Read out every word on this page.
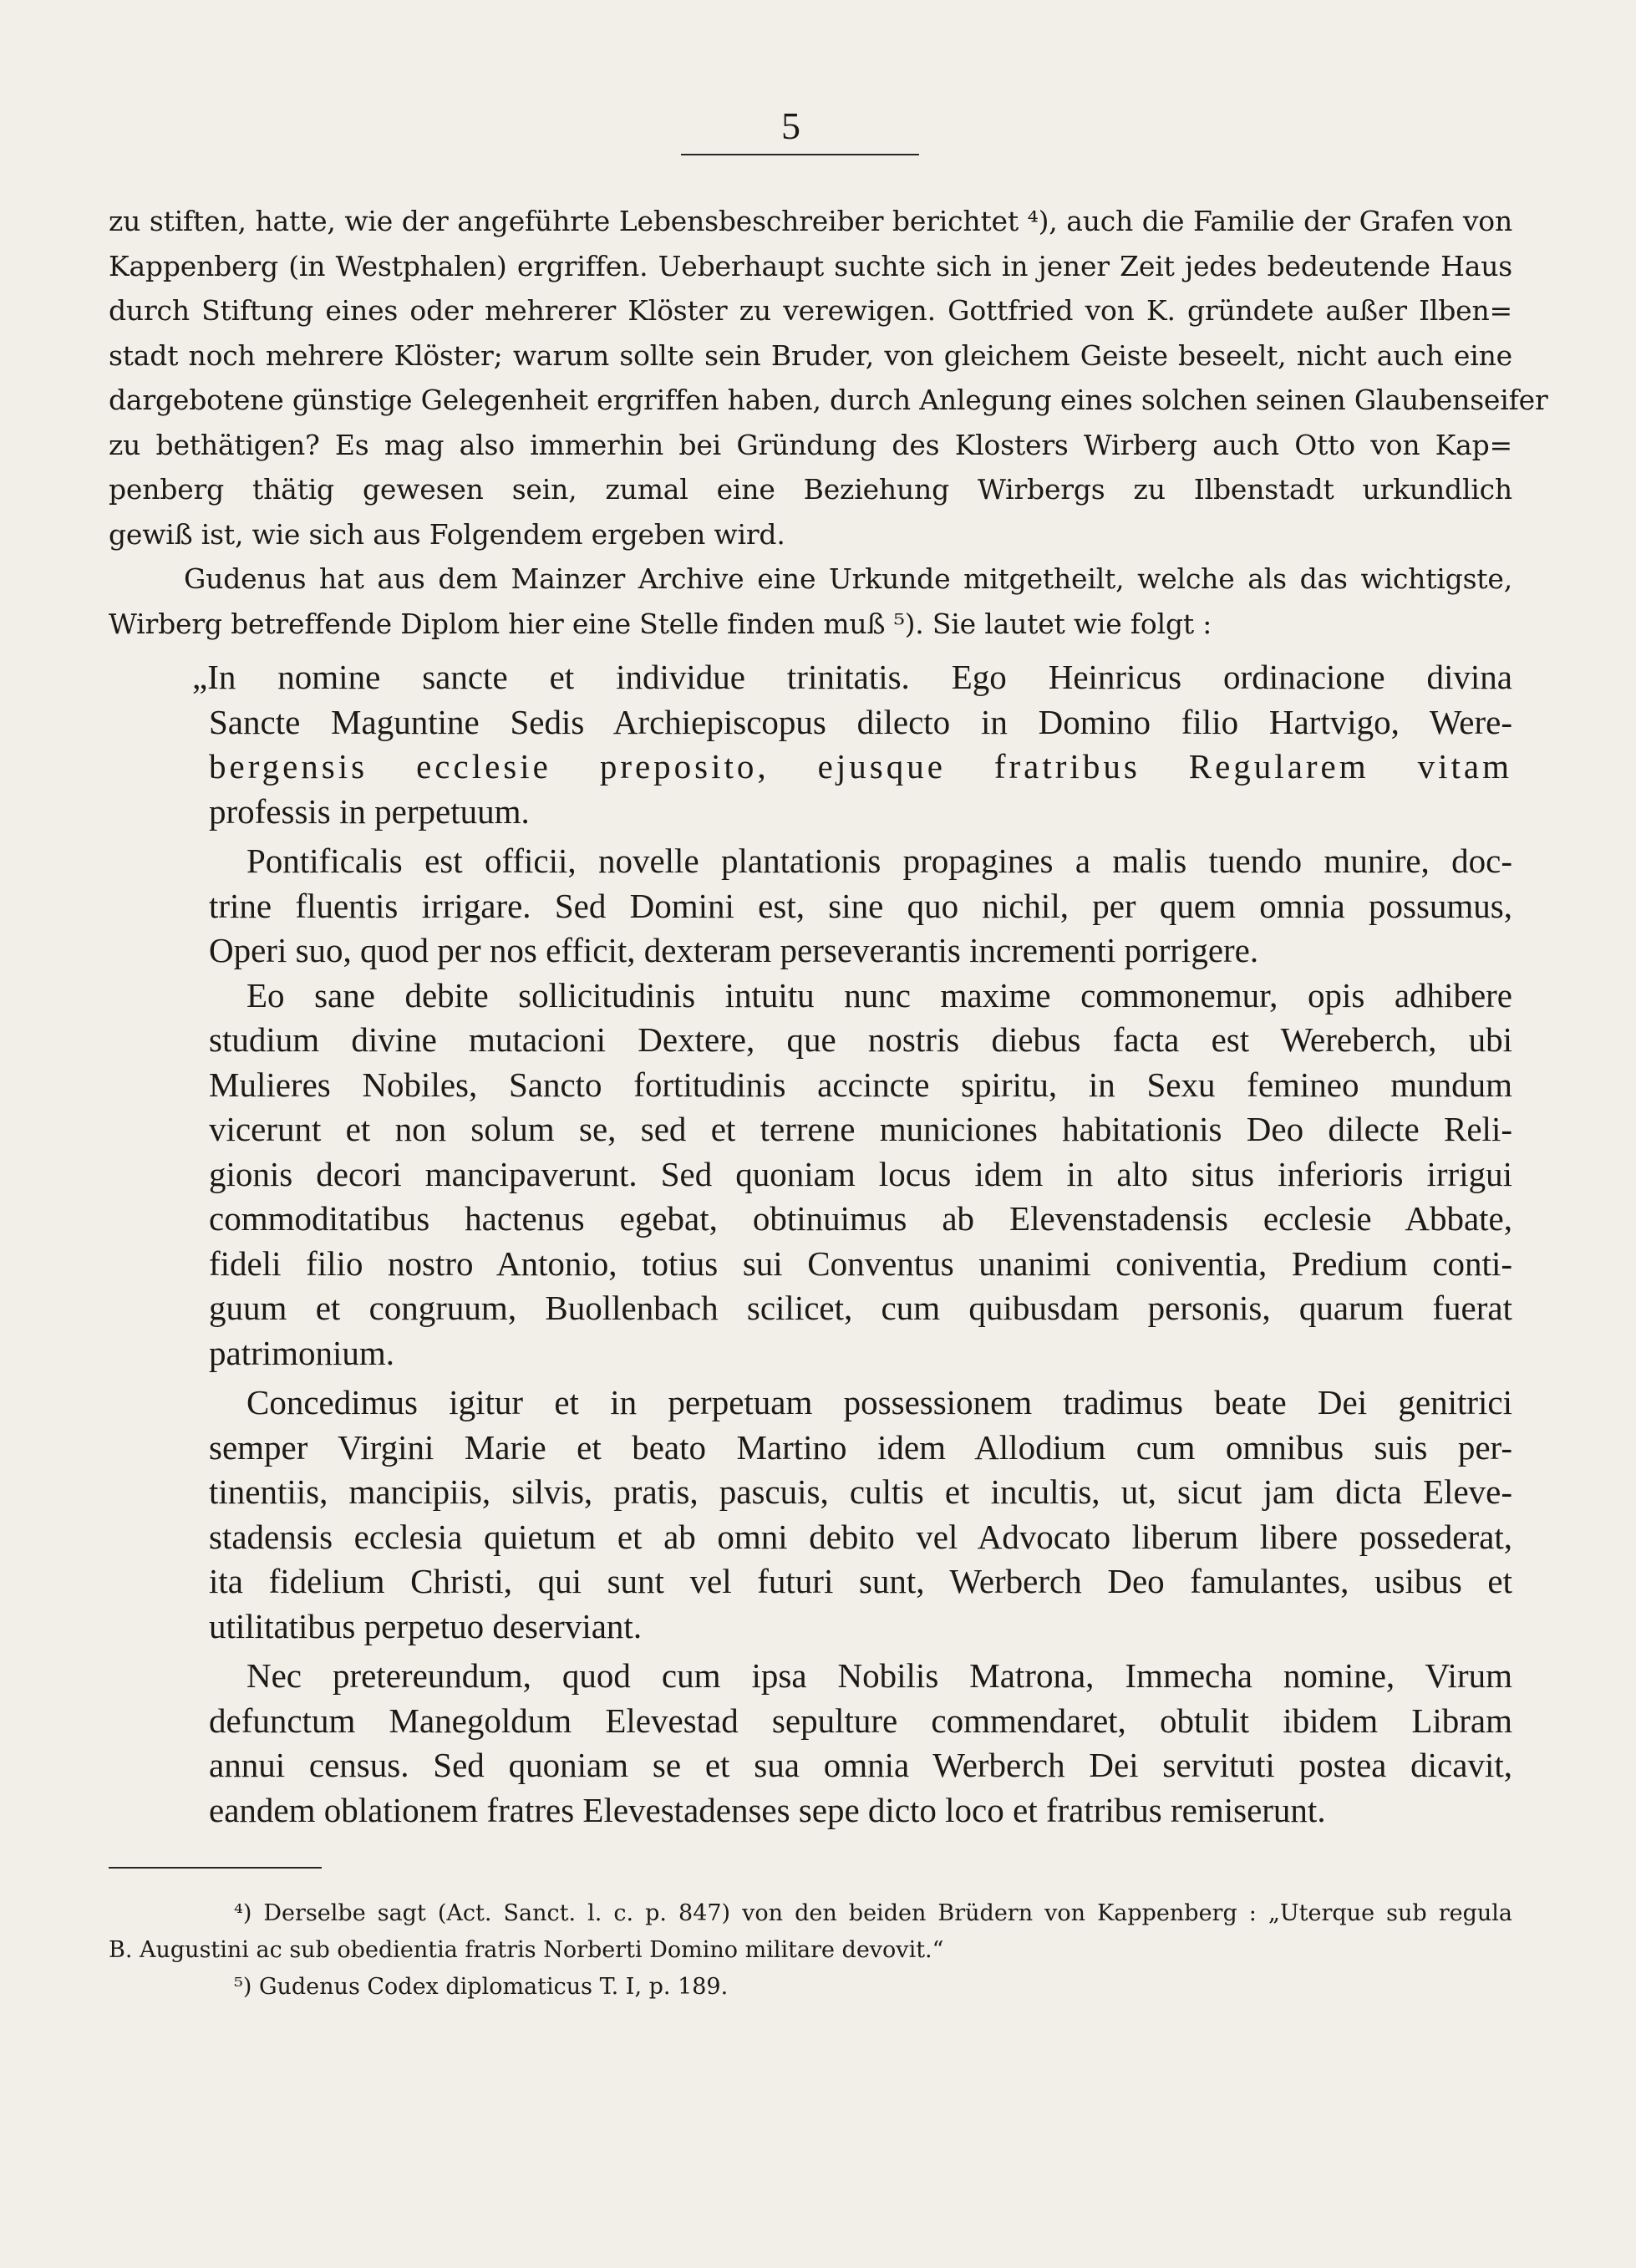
5
zu stiften, hatte, wie der angeführte Lebensbeschreiber berichtet ⁴), auch die Familie der Grafen von
Kappenberg (in Westphalen) ergriffen. Ueberhaupt suchte sich in jener Zeit jedes bedeutende Haus
durch Stiftung eines oder mehrerer Klöster zu verewigen. Gottfried von K. gründete außer Ilben=
stadt noch mehrere Klöster; warum sollte sein Bruder, von gleichem Geiste beseelt, nicht auch eine
dargebotene günstige Gelegenheit ergriffen haben, durch Anlegung eines solchen seinen Glaubenseifer
zu bethätigen? Es mag also immerhin bei Gründung des Klosters Wirberg auch Otto von Kap=
penberg thätig gewesen sein, zumal eine Beziehung Wirbergs zu Ilbenstadt urkundlich
gewiß ist, wie sich aus Folgendem ergeben wird.
Gudenus hat aus dem Mainzer Archive eine Urkunde mitgetheilt, welche als das wichtigste,
Wirberg betreffende Diplom hier eine Stelle finden muß ⁵). Sie lautet wie folgt :
„In nomine sancte et individue trinitatis. Ego Heinricus ordinacione divina
Sancte Maguntine Sedis Archiepiscopus dilecto in Domino filio Hartvigo, Were-
bergensis ecclesie preposito, ejusque fratribus Regularem vitam
professis in perpetuum.
Pontificalis est officii, novelle plantationis propagines a malis tuendo munire, doc-
trine fluentis irrigare. Sed Domini est, sine quo nichil, per quem omnia possumus,
Operi suo, quod per nos efficit, dexteram perseverantis incrementi porrigere.
Eo sane debite sollicitudinis intuitu nunc maxime commonemur, opis adhibere
studium divine mutacioni Dextere, que nostris diebus facta est Wereberch, ubi
Mulieres Nobiles, Sancto fortitudinis accincte spiritu, in Sexu femineo mundum
vicerunt et non solum se, sed et terrene municiones habitationis Deo dilecte Reli-
gionis decori mancipaverunt. Sed quoniam locus idem in alto situs inferioris irrigui
commoditatibus hactenus egebat, obtinuimus ab Elevenstadensis ecclesie Abbate,
fideli filio nostro Antonio, totius sui Conventus unanimi coniventia, Predium conti-
guum et congruum, Buollenbach scilicet, cum quibusdam personis, quarum fuerat
patrimonium.
Concedimus igitur et in perpetuam possessionem tradimus beate Dei genitrici
semper Virgini Marie et beato Martino idem Allodium cum omnibus suis per-
tinentiis, mancipiis, silvis, pratis, pascuis, cultis et incultis, ut, sicut jam dicta Eleve-
stadensis ecclesia quietum et ab omni debito vel Advocato liberum libere possederat,
ita fidelium Christi, qui sunt vel futuri sunt, Werberch Deo famulantes, usibus et
utilitatibus perpetuo deserviant.
Nec pretereundum, quod cum ipsa Nobilis Matrona, Immecha nomine, Virum
defunctum Manegoldum Elevestad sepulture commendaret, obtulit ibidem Libram
annui census. Sed quoniam se et sua omnia Werberch Dei servituti postea dicavit,
eandem oblationem fratres Elevestadenses sepe dicto loco et fratribus remiserunt.
⁴) Derselbe sagt (Act. Sanct. l. c. p. 847) von den beiden Brüdern von Kappenberg : „Uterque sub regula
B. Augustini ac sub obedientia fratris Norberti Domino militare devovit.“
⁵) Gudenus Codex diplomaticus T. I, p. 189.
